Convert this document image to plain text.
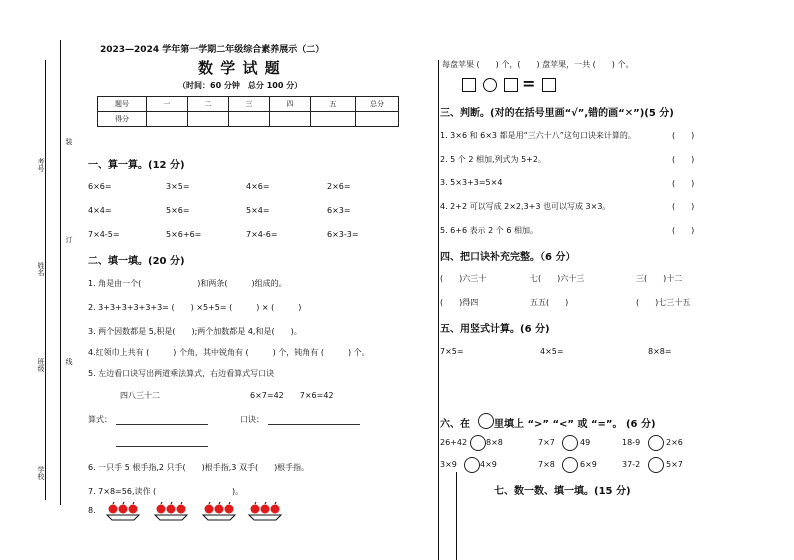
考号
姓名
班级
学校
装
订
线
2023—2024 学年第一学期二年级综合素养展示（二）
数 学 试 题
（时间：60 分钟　总分 100 分）
题号	一	二	三	四	五	总分
得分						
一、算一算。(12 分)
6×6=	3×5=	4×6=	2×6=
4×4=	5×6=	5×4=	6×3=
7×4-5=	5×6+6=	7×4-6=	6×3-3=
二、填一填。(20 分)
1. 角是由一个(　　　　　　　)和两条(　　　)组成的。
2. 3+3+3+3+3+3= (　　) ×5+5= (　　　) × (　　　)
3. 两个因数都是 5,积是(　　);两个加数都是 4,和是(　　)。
4.红领巾上共有 (　　　) 个角，其中锐角有 (　　　) 个，钝角有 (　　　) 个。
5. 左边看口诀写出两道乘法算式，右边看算式写口诀
四八三十二	6×7=42　　7×6=42
算式：	口诀：
6. 一只手 5 根手指,2 只手(　　)根手指,3 双手(　　)根手指。
7. 7×8=56,读作 (	)。
8.
每盘苹果 (　　) 个，(　　) 盘苹果，一共 (　　) 个。
=
三、判断。(对的在括号里画“√”,错的画“✕”)(5 分)
1. 3×6 和 6×3 都是用“三六十八”这句口诀来计算的。	(　　)
2. 5 个 2 相加,列式为 5+2。	(　　)
3. 5×3+3=5×4	(　　)
4. 2+2 可以写成 2×2,3+3 也可以写成 3×3。	(　　)
5. 6+6 表示 2 个 6 相加。	(　　)
四、把口诀补充完整。（6 分）
(　　)六三十	七(　　)六十三	三(　　)十二
(　　)得四	五五(　　)	(　　)七三十五
五、用竖式计算。(6 分)
7×5=	4×5=	8×8=
六、在 里填上 “>” “<” 或 “=”。 (6 分)
26+42 8×8	7×7	49	18-9	2×6
3×9	4×9	7×8	6×9	37-2	5×7
七、数一数、填一填。(15 分)
